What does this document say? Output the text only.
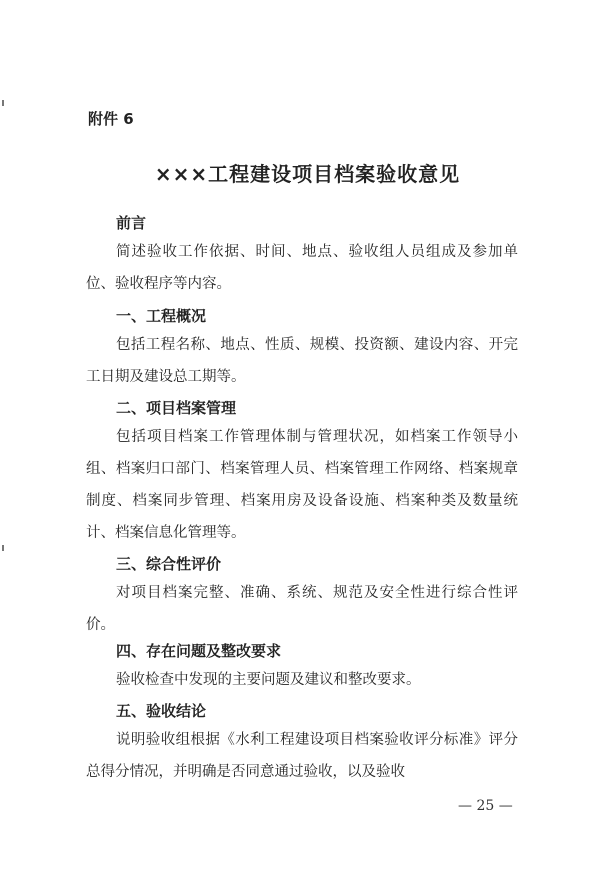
附件 6
×××工程建设项目档案验收意见
前言
简述验收工作依据、时间、地点、验收组人员组成及参加单位、验收程序等内容。
一、工程概况
包括工程名称、地点、性质、规模、投资额、建设内容、开完工日期及建设总工期等。
二、项目档案管理
包括项目档案工作管理体制与管理状况，如档案工作领导小组、档案归口部门、档案管理人员、档案管理工作网络、档案规章制度、档案同步管理、档案用房及设备设施、档案种类及数量统计、档案信息化管理等。
三、综合性评价
对项目档案完整、准确、系统、规范及安全性进行综合性评价。
四、存在问题及整改要求
验收检查中发现的主要问题及建议和整改要求。
五、验收结论
说明验收组根据《水利工程建设项目档案验收评分标准》评分总得分情况，并明确是否同意通过验收，以及验收
— 25 —
